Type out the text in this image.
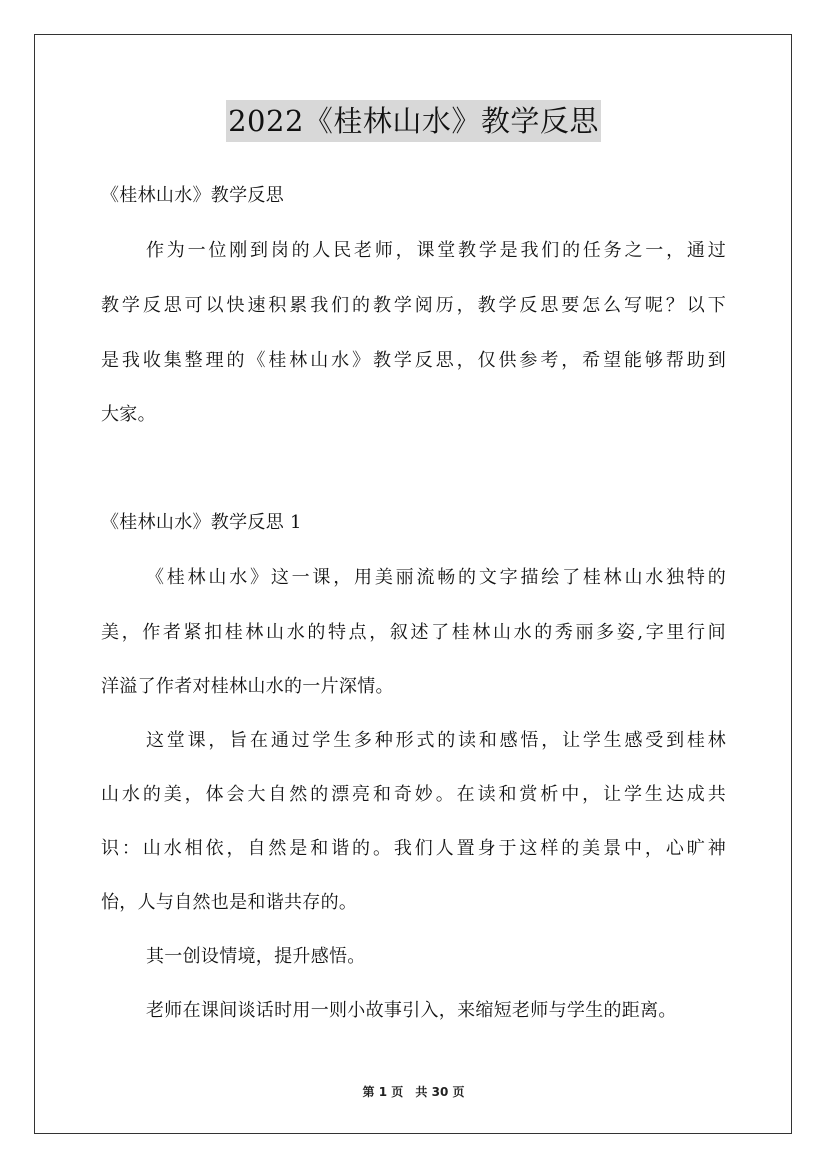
2022《桂林山水》教学反思
《桂林山水》教学反思
作为一位刚到岗的人民老师，课堂教学是我们的任务之一，通过
教学反思可以快速积累我们的教学阅历，教学反思要怎么写呢？以下
是我收集整理的《桂林山水》教学反思，仅供参考，希望能够帮助到
大家。
《桂林山水》教学反思 1
《桂林山水》这一课，用美丽流畅的文字描绘了桂林山水独特的
美，作者紧扣桂林山水的特点，叙述了桂林山水的秀丽多姿,字里行间
洋溢了作者对桂林山水的一片深情。
这堂课，旨在通过学生多种形式的读和感悟，让学生感受到桂林
山水的美，体会大自然的漂亮和奇妙。在读和赏析中，让学生达成共
识：山水相依，自然是和谐的。我们人置身于这样的美景中，心旷神
怡，人与自然也是和谐共存的。
其一创设情境，提升感悟。
老师在课间谈话时用一则小故事引入，来缩短老师与学生的距离。
第 1 页 共 30 页
